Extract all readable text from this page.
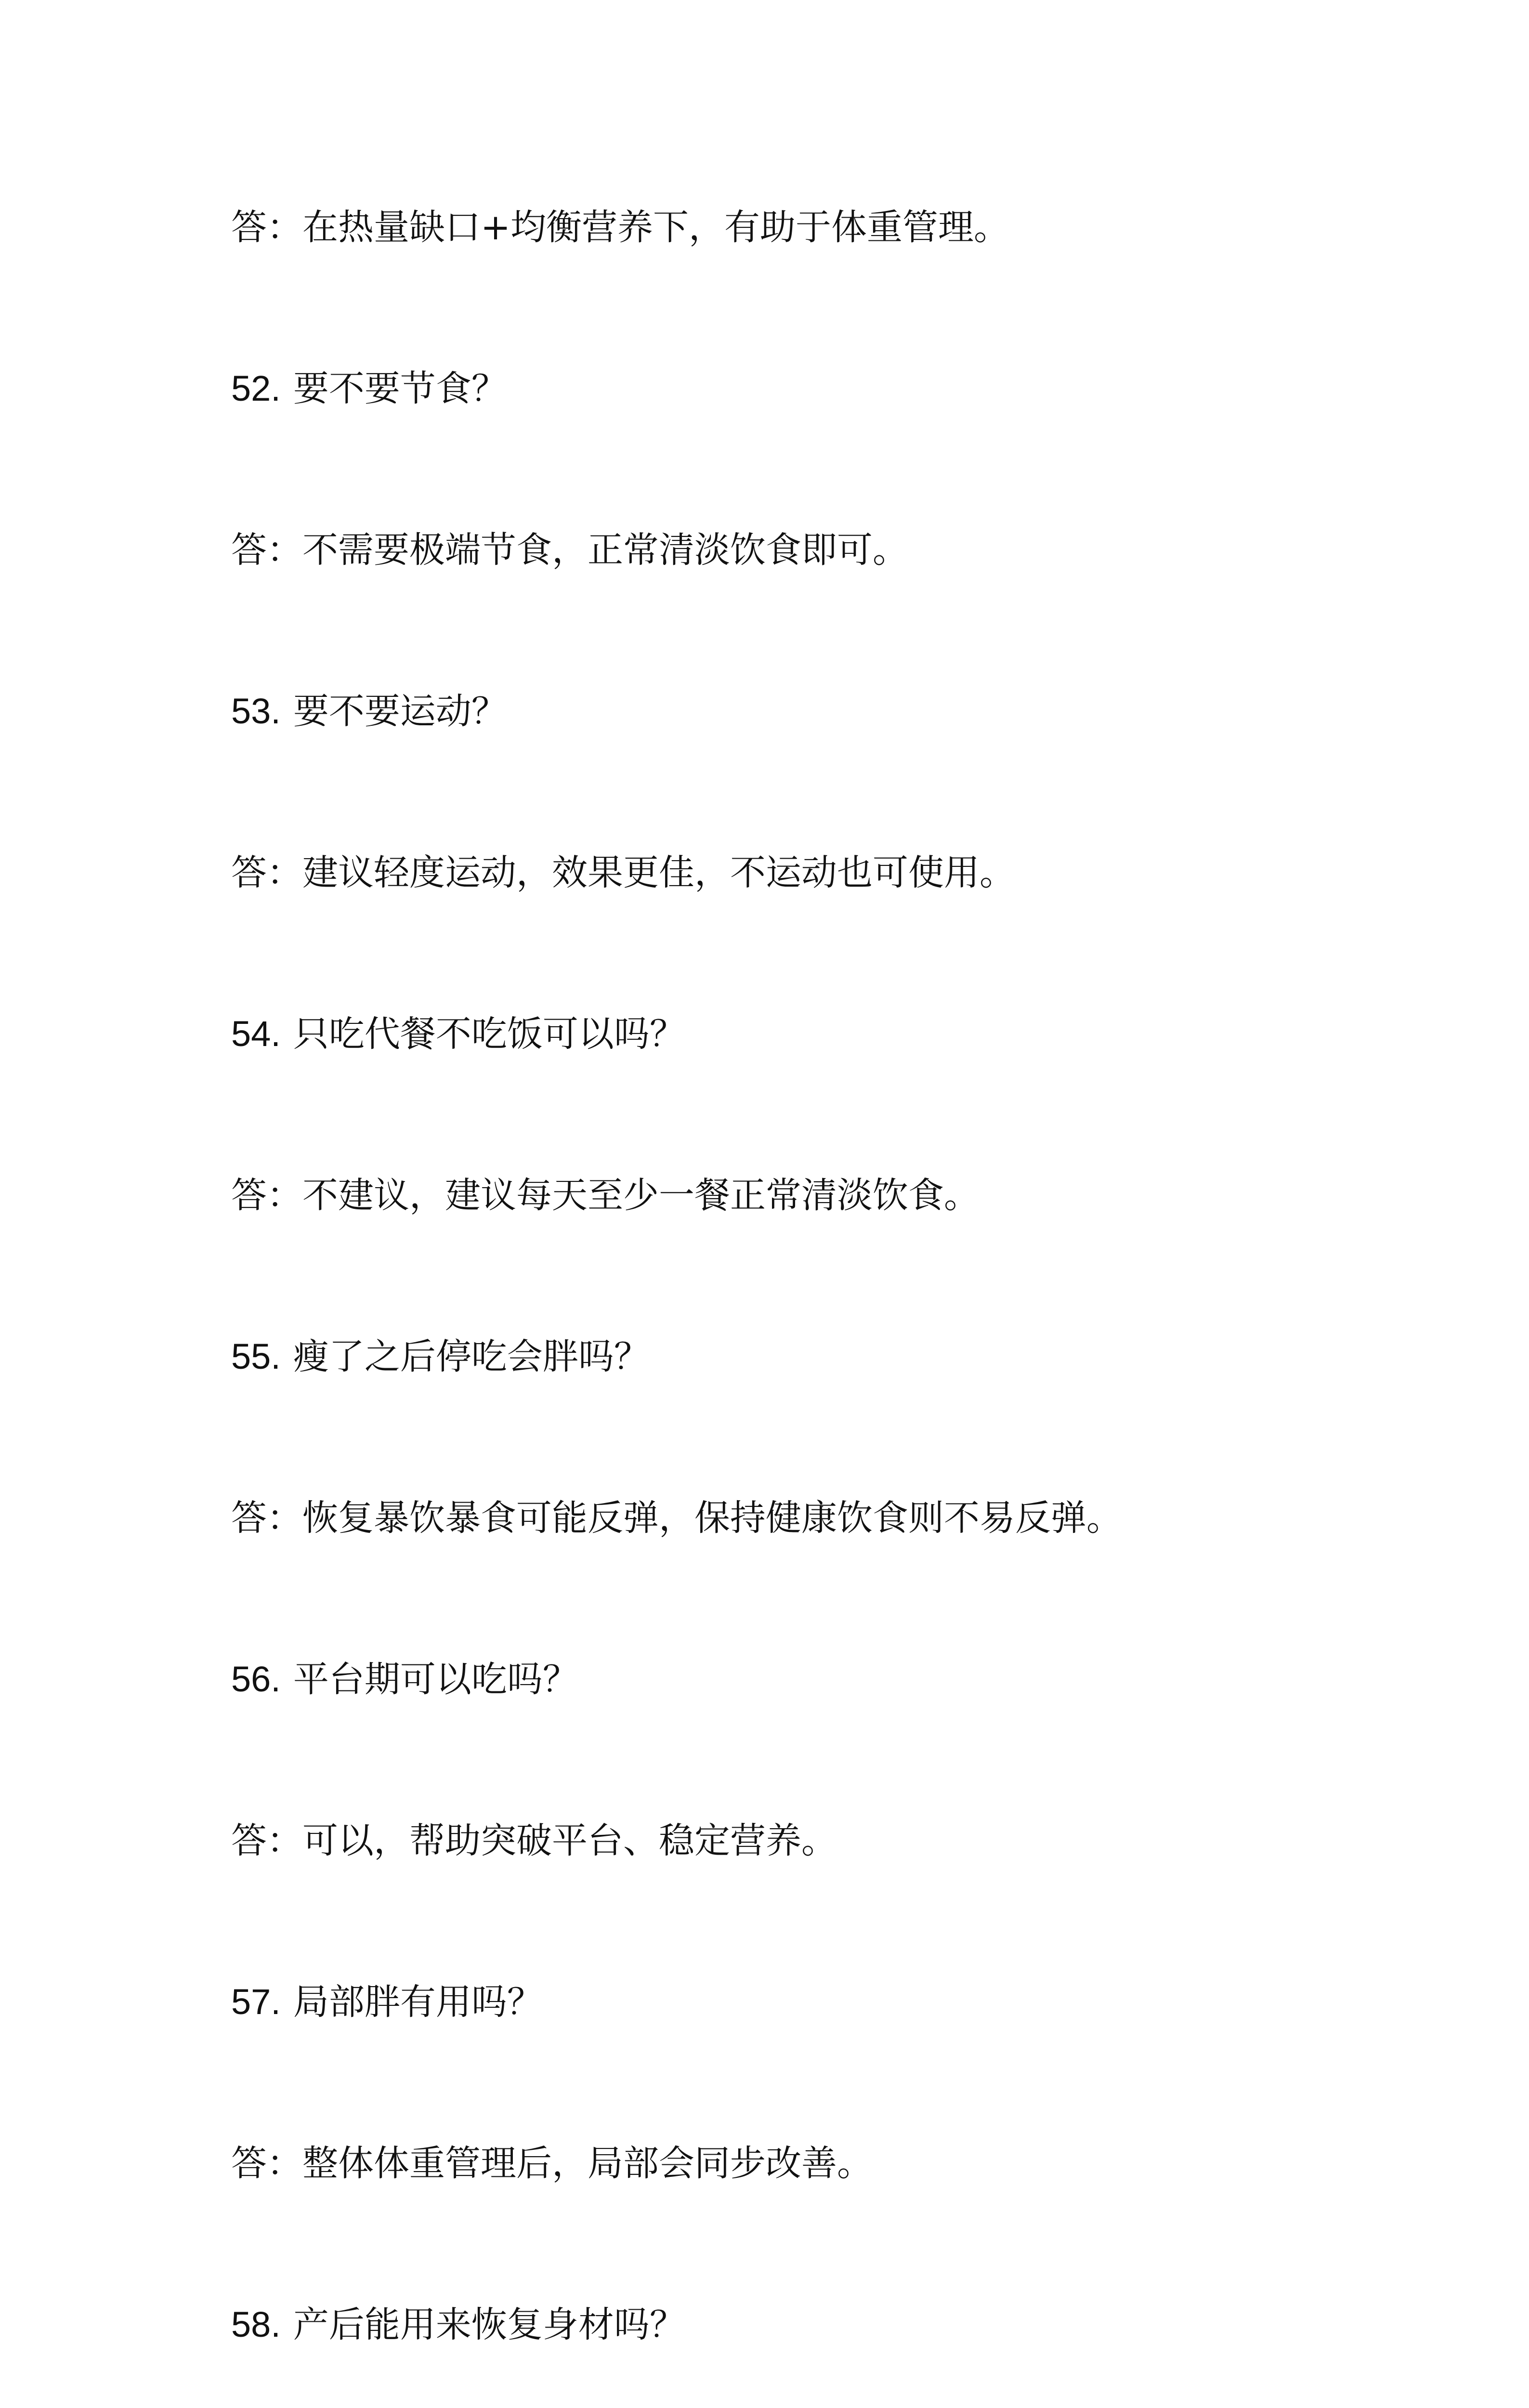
答：在热量缺口+均衡营养下，有助于体重管理。
52. 要不要节食？
答：不需要极端节食，正常清淡饮食即可。
53. 要不要运动？
答：建议轻度运动，效果更佳，不运动也可使用。
54. 只吃代餐不吃饭可以吗？
答：不建议，建议每天至少一餐正常清淡饮食。
55. 瘦了之后停吃会胖吗？
答：恢复暴饮暴食可能反弹，保持健康饮食则不易反弹。
56. 平台期可以吃吗？
答：可以，帮助突破平台、稳定营养。
57. 局部胖有用吗？
答：整体体重管理后，局部会同步改善。
58. 产后能用来恢复身材吗？
